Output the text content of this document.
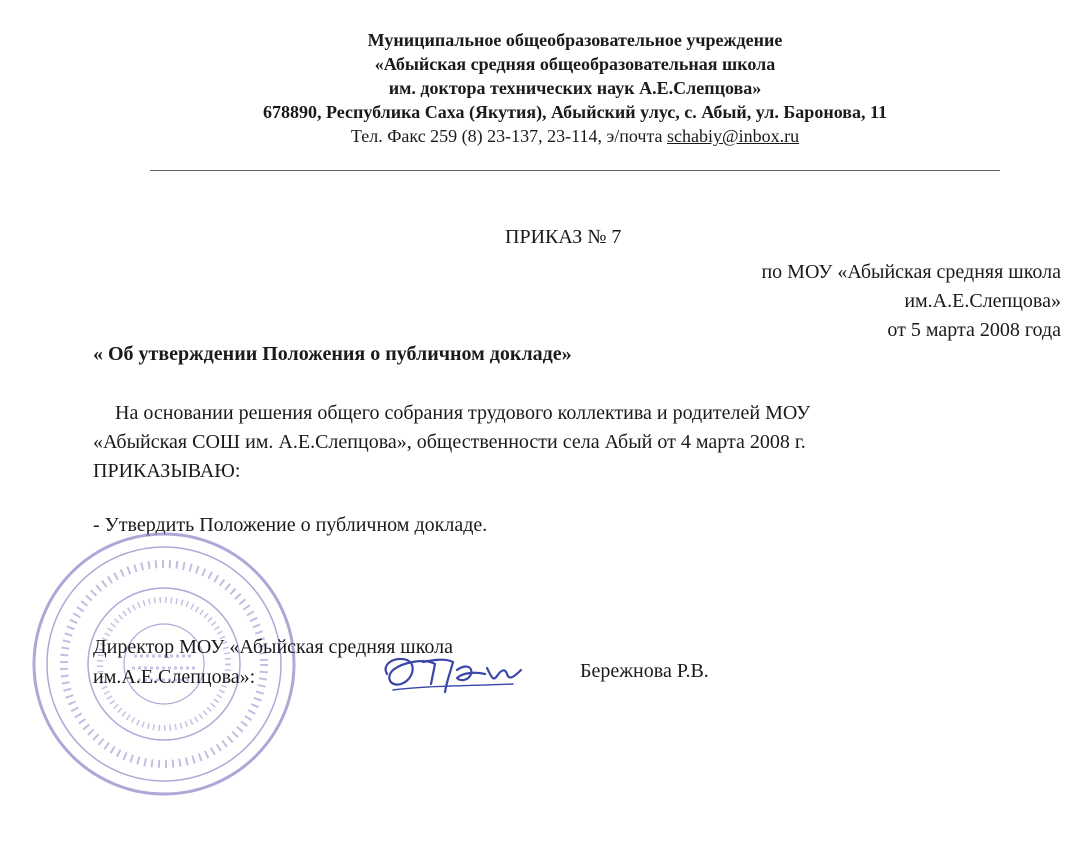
Муниципальное общеобразовательное учреждение
«Абыйская средняя общеобразовательная школа
им. доктора технических наук А.Е.Слепцова»
678890, Республика Саха (Якутия), Абыйский улус, с. Абый, ул. Баронова, 11
Тел. Факс 259 (8) 23-137, 23-114, э/почта schabiy@inbox.ru
ПРИКАЗ № 7
по МОУ «Абыйская средняя школа
им.А.Е.Слепцова»
от 5 марта 2008 года
« Об утверждении Положения о публичном докладе»
На основании решения общего собрания трудового коллектива и родителей МОУ
«Абыйская СОШ им. А.Е.Слепцова», общественности села Абый от 4 марта 2008 г.
ПРИКАЗЫВАЮ:
- Утвердить Положение о публичном докладе.
Директор МОУ «Абыйская средняя школа
им.А.Е.Слепцова»:	Бережнова Р.В.
